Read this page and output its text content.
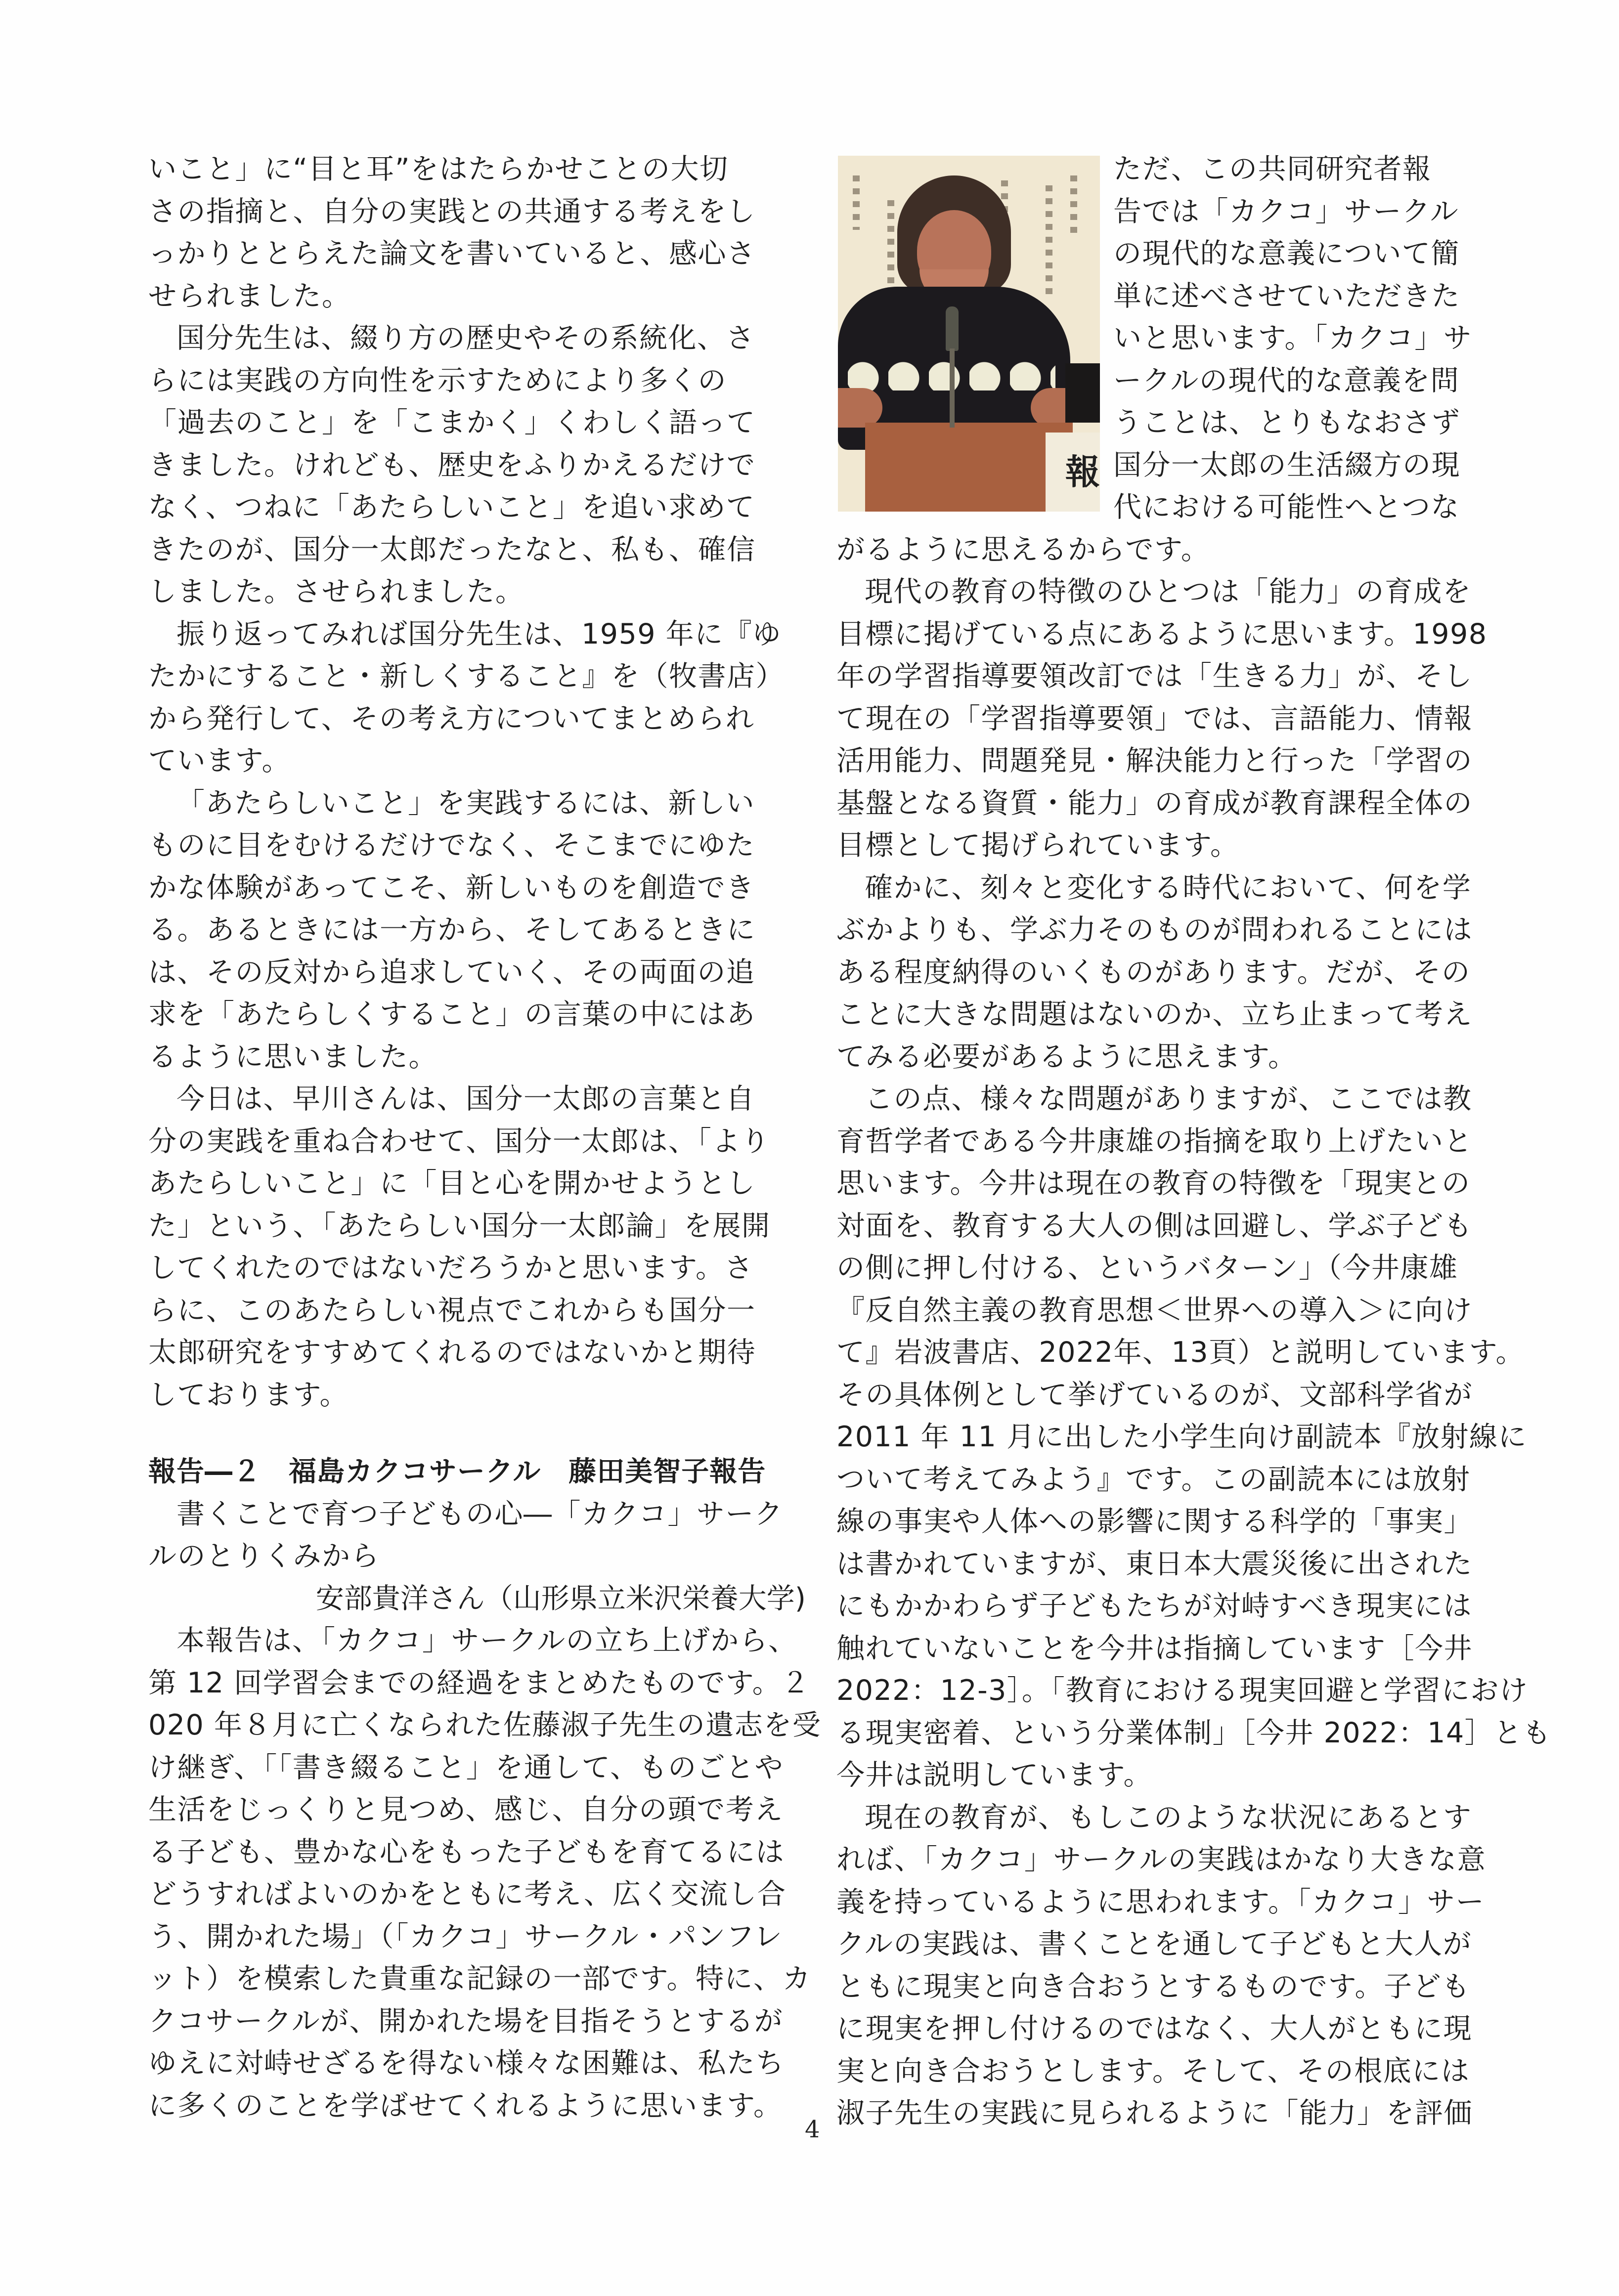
いこと」に“目と耳”をはたらかせことの大切
さの指摘と、自分の実践との共通する考えをし
っかりととらえた論文を書いていると、感心さ
せられました。

国分先生は、綴り方の歴史やその系統化、さ
らには実践の方向性を示すためにより多くの
「過去のこと」を「こまかく」くわしく語って
きました。けれども、歴史をふりかえるだけで
なく、つねに「あたらしいこと」を追い求めて
きたのが、国分一太郎だったなと、私も、確信
しました。させられました。

振り返ってみれば国分先生は、1959 年に『ゆ
たかにすること・新しくすること』を（牧書店）
から発行して、その考え方についてまとめられ
ています。

「あたらしいこと」を実践するには、新しい
ものに目をむけるだけでなく、そこまでにゆた
かな体験があってこそ、新しいものを創造でき
る。あるときには一方から、そしてあるときに
は、その反対から追求していく、その両面の追
求を「あたらしくすること」の言葉の中にはあ
るように思いました。

今日は、早川さんは、国分一太郎の言葉と自
分の実践を重ね合わせて、国分一太郎は、「より
あたらしいこと」に「目と心を開かせようとし
た」という、「あたらしい国分一太郎論」を展開
してくれたのではないだろうかと思います。さ
らに、このあたらしい視点でこれからも国分一
太郎研究をすすめてくれるのではないかと期待
しております。

報告―２ 福島カクコサークル 藤田美智子報告

書くことで育つ子どもの心―「カクコ」サーク
ルのとりくみから

安部貴洋さん（山形県立米沢栄養大学)

本報告は、「カクコ」サークルの立ち上げから、
第 12 回学習会までの経過をまとめたものです。２
020 年８月に亡くなられた佐藤淑子先生の遺志を受
け継ぎ、「「書き綴ること」を通して、ものごとや
生活をじっくりと見つめ、感じ、自分の頭で考え
る子ども、豊かな心をもった子どもを育てるには
どうすればよいのかをともに考え、広く交流し合
う、開かれた場」（「カクコ」サークル・パンフレ
ット）を模索した貴重な記録の一部です。特に、カ
クコサークルが、開かれた場を目指そうとするが
ゆえに対峙せざるを得ない様々な困難は、私たち
に多くのことを学ばせてくれるように思います。

報

ただ、この共同研究者報
告では「カクコ」サークル
の現代的な意義について簡
単に述べさせていただきた
いと思います。「カクコ」サ
ークルの現代的な意義を問
うことは、とりもなおさず
国分一太郎の生活綴方の現
代における可能性へとつな
がるように思えるからです。

現代の教育の特徴のひとつは「能力」の育成を
目標に掲げている点にあるように思います。1998
年の学習指導要領改訂では「生きる力」が、そし
て現在の「学習指導要領」では、言語能力、情報
活用能力、問題発見・解決能力と行った「学習の
基盤となる資質・能力」の育成が教育課程全体の
目標として掲げられています。

確かに、刻々と変化する時代において、何を学
ぶかよりも、学ぶ力そのものが問われることには
ある程度納得のいくものがあります。だが、その
ことに大きな問題はないのか、立ち止まって考え
てみる必要があるように思えます。

この点、様々な問題がありますが、ここでは教
育哲学者である今井康雄の指摘を取り上げたいと
思います。今井は現在の教育の特徴を「現実との
対面を、教育する大人の側は回避し、学ぶ子ども
の側に押し付ける、というバターン」（今井康雄
『反自然主義の教育思想＜世界への導入＞に向け
て』岩波書店、2022年、13頁）と説明しています。
その具体例として挙げているのが、文部科学省が
2011 年 11 月に出した小学生向け副読本『放射線に
ついて考えてみよう』です。この副読本には放射
線の事実や人体への影響に関する科学的「事実」
は書かれていますが、東日本大震災後に出された
にもかかわらず子どもたちが対峙すべき現実には
触れていないことを今井は指摘しています［今井
2022：12-3］。「教育における現実回避と学習におけ
る現実密着、という分業体制」［今井 2022：14］とも
今井は説明しています。

現在の教育が、もしこのような状況にあるとす
れば、「カクコ」サークルの実践はかなり大きな意
義を持っているように思われます。「カクコ」サー
クルの実践は、書くことを通して子どもと大人が
ともに現実と向き合おうとするものです。子ども
に現実を押し付けるのではなく、大人がともに現
実と向き合おうとします。そして、その根底には
淑子先生の実践に見られるように「能力」を評価

4
